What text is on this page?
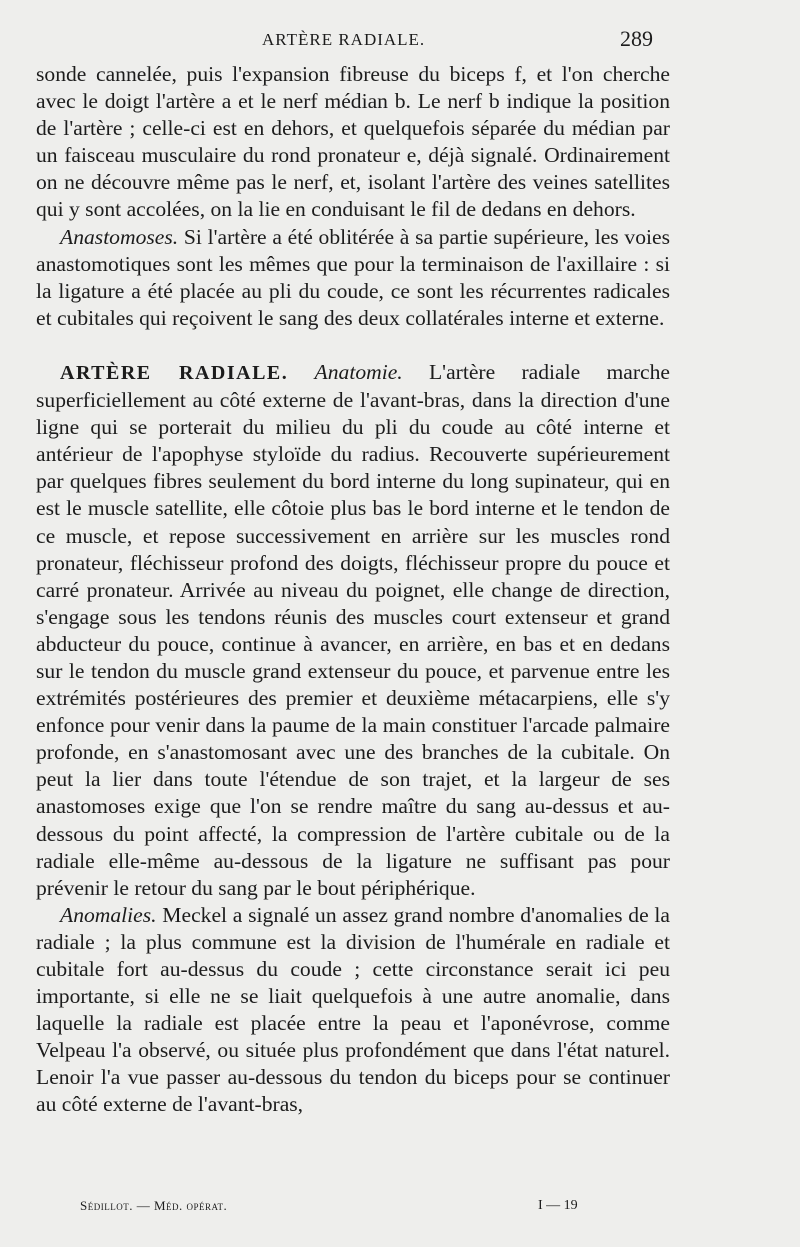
ARTÈRE RADIALE.	289

sonde cannelée, puis l'expansion fibreuse du biceps f, et l'on cherche avec le doigt l'artère a et le nerf médian b. Le nerf b indique la position de l'artère ; celle-ci est en dehors, et quelquefois séparée du médian par un faisceau musculaire du rond pronateur e, déjà signalé. Ordinairement on ne découvre même pas le nerf, et, isolant l'artère des veines satellites qui y sont accolées, on la lie en conduisant le fil de dedans en dehors.

Anastomoses. Si l'artère a été oblitérée à sa partie supérieure, les voies anastomotiques sont les mêmes que pour la terminaison de l'axillaire : si la ligature a été placée au pli du coude, ce sont les récurrentes radicales et cubitales qui reçoivent le sang des deux collatérales interne et externe.

ARTÈRE RADIALE. Anatomie. L'artère radiale marche superficiellement au côté externe de l'avant-bras, dans la direction d'une ligne qui se porterait du milieu du pli du coude au côté interne et antérieur de l'apophyse styloïde du radius. Recouverte supérieurement par quelques fibres seulement du bord interne du long supinateur, qui en est le muscle satellite, elle côtoie plus bas le bord interne et le tendon de ce muscle, et repose successivement en arrière sur les muscles rond pronateur, fléchisseur profond des doigts, fléchisseur propre du pouce et carré pronateur. Arrivée au niveau du poignet, elle change de direction, s'engage sous les tendons réunis des muscles court extenseur et grand abducteur du pouce, continue à avancer, en arrière, en bas et en dedans sur le tendon du muscle grand extenseur du pouce, et parvenue entre les extrémités postérieures des premier et deuxième métacarpiens, elle s'y enfonce pour venir dans la paume de la main constituer l'arcade palmaire profonde, en s'anastomosant avec une des branches de la cubitale. On peut la lier dans toute l'étendue de son trajet, et la largeur de ses anastomoses exige que l'on se rendre maître du sang au-dessus et au-dessous du point affecté, la compression de l'artère cubitale ou de la radiale elle-même au-dessous de la ligature ne suffisant pas pour prévenir le retour du sang par le bout périphérique.

Anomalies. Meckel a signalé un assez grand nombre d'anomalies de la radiale ; la plus commune est la division de l'humérale en radiale et cubitale fort au-dessus du coude ; cette circonstance serait ici peu importante, si elle ne se liait quelquefois à une autre anomalie, dans laquelle la radiale est placée entre la peau et l'aponévrose, comme Velpeau l'a observé, ou située plus profondément que dans l'état naturel. Lenoir l'a vue passer au-dessous du tendon du biceps pour se continuer au côté externe de l'avant-bras,

Sédillot. — Méd. opérat.	I — 19
